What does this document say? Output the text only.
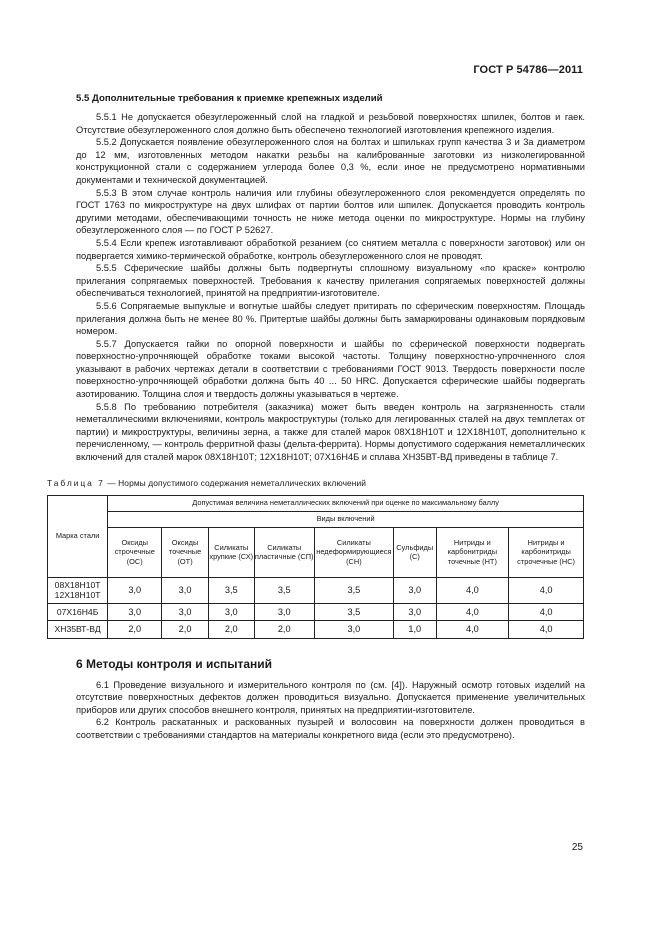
ГОСТ Р 54786—2011
5.5 Дополнительные требования к приемке крепежных изделий

5.5.1 Не допускается обезуглероженный слой на гладкой и резьбовой поверхностях шпилек, болтов и гаек. Отсутствие обезуглероженного слоя должно быть обеспечено технологией изготовления крепежного изделия.

5.5.2 Допускается появление обезуглероженного слоя на болтах и шпильках групп качества 3 и 3а диаметром до 12 мм, изготовленных методом накатки резьбы на калиброванные заготовки из низколегированной конструкционной стали с содержанием углерода более 0,3 %, если иное не предусмотрено нормативными документами и технической документацией.

5.5.3 В этом случае контроль наличия или глубины обезуглероженного слоя рекомендуется определять по ГОСТ 1763 по микроструктуре на двух шлифах от партии болтов или шпилек. Допускается проводить контроль другими методами, обеспечивающими точность не ниже метода оценки по микроструктуре. Нормы на глубину обезуглероженного слоя — по ГОСТ Р 52627.

5.5.4 Если крепеж изготавливают обработкой резанием (со снятием металла с поверхности заготовок) или он подвергается химико-термической обработке, контроль обезуглероженного слоя не проводят.

5.5.5 Сферические шайбы должны быть подвергнуты сплошному визуальному «по краске» контролю прилегания сопрягаемых поверхностей. Требования к качеству прилегания сопрягаемых поверхностей должны обеспечиваться технологией, принятой на предприятии-изготовителе.

5.5.6 Сопрягаемые выпуклые и вогнутые шайбы следует притирать по сферическим поверхностям. Площадь прилегания должна быть не менее 80 %. Притертые шайбы должны быть замаркированы одинаковым порядковым номером.

5.5.7 Допускается гайки по опорной поверхности и шайбы по сферической поверхности подвергать поверхностно-упрочняющей обработке токами высокой частоты. Толщину поверхностно-упрочненного слоя указывают в рабочих чертежах детали в соответствии с требованиями ГОСТ 9013. Твердость поверхности после поверхностно-упрочняющей обработки должна быть 40 ... 50 HRC. Допускается сферические шайбы подвергать азотированию. Толщина слоя и твердость должны указываться в чертеже.

5.5.8 По требованию потребителя (заказчика) может быть введен контроль на загрязненность стали неметаллическими включениями, контроль макроструктуры (только для легированных сталей на двух темплетах от партии) и микроструктуры, величины зерна, а также для сталей марок 08Х18Н10Т и 12Х18Н10Т, дополнительно к перечисленному, — контроль ферритной фазы (дельта-феррита). Нормы допустимого содержания неметаллических включений для сталей марок 08Х18Н10Т; 12Х18Н10Т; 07Х16Н4Б и сплава ХН35ВТ-ВД приведены в таблице 7.

Таблица 7 — Нормы допустимого содержания неметаллических включений
Марка стали	Допустимая величина неметаллических включений при оценке по максимальному баллу							
	Виды включений							
	Оксиды строчечные (ОС)	Оксиды точечные (ОТ)	Силикаты хрупкие (СХ)	Силикаты пластичные (СП)	Силикаты недеформирующиеся (СН)	Сульфиды (С)	Нитриды и карбонитриды точечные (НТ)	Нитриды и карбонитриды строчечные (НС)
08Х18Н10Т 12Х18Н10Т	3,0	3,0	3,5	3,5	3,5	3,0	4,0	4,0
07Х16Н4Б	3,0	3,0	3,0	3,0	3,5	3,0	4,0	4,0
ХН35ВТ-ВД	2,0	2,0	2,0	2,0	3,0	1,0	4,0	4,0
6 Методы контроля и испытаний

6.1 Проведение визуального и измерительного контроля по (см. [4]). Наружный осмотр готовых изделий на отсутствие поверхностных дефектов должен проводиться визуально. Допускается применение увеличительных приборов или других способов внешнего контроля, принятых на предприятии-изготовителе.

6.2 Контроль раскатанных и раскованных пузырей и волосовин на поверхности должен проводиться в соответствии с требованиями стандартов на материалы конкретного вида (если это предусмотрено).

25
